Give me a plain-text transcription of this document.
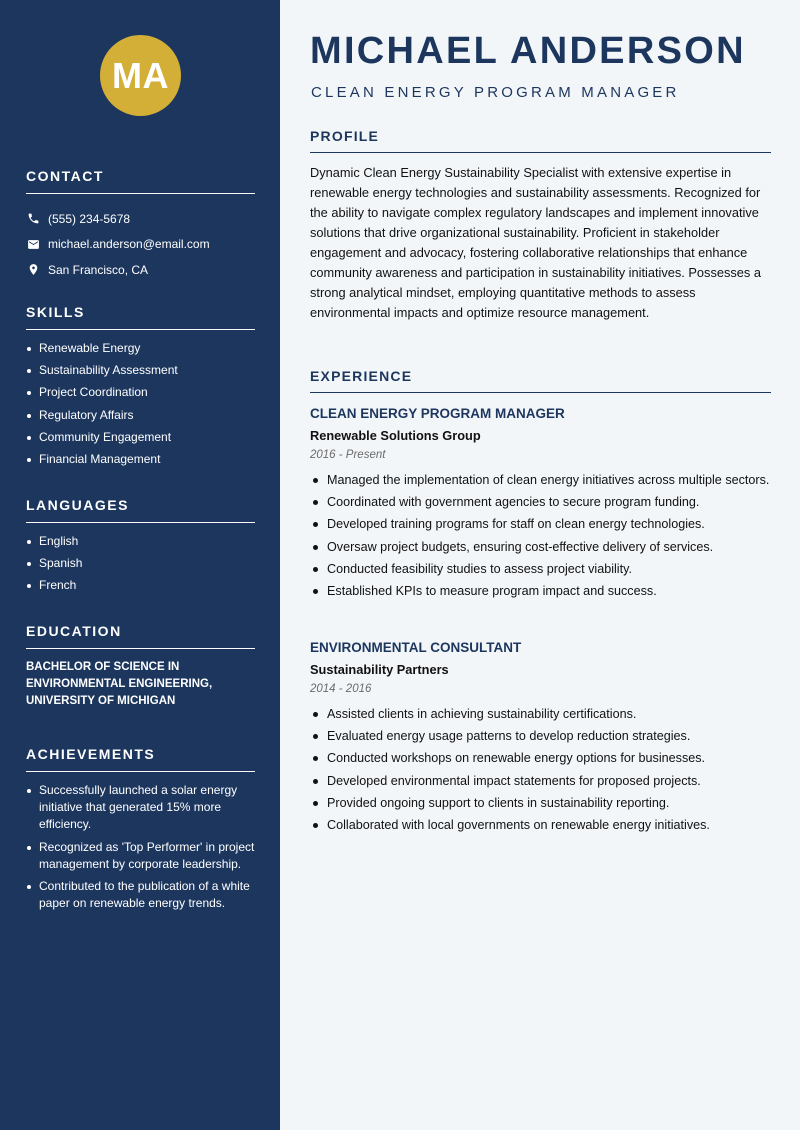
MA
CONTACT
(555) 234-5678
michael.anderson@email.com
San Francisco, CA
SKILLS
Renewable Energy
Sustainability Assessment
Project Coordination
Regulatory Affairs
Community Engagement
Financial Management
LANGUAGES
English
Spanish
French
EDUCATION
BACHELOR OF SCIENCE IN ENVIRONMENTAL ENGINEERING, UNIVERSITY OF MICHIGAN
ACHIEVEMENTS
Successfully launched a solar energy initiative that generated 15% more efficiency.
Recognized as 'Top Performer' in project management by corporate leadership.
Contributed to the publication of a white paper on renewable energy trends.
MICHAEL ANDERSON
CLEAN ENERGY PROGRAM MANAGER
PROFILE

Dynamic Clean Energy Sustainability Specialist with extensive expertise in renewable energy technologies and sustainability assessments. Recognized for the ability to navigate complex regulatory landscapes and implement innovative solutions that drive organizational sustainability. Proficient in stakeholder engagement and advocacy, fostering collaborative relationships that enhance community awareness and participation in sustainability initiatives. Possesses a strong analytical mindset, employing quantitative methods to assess environmental impacts and optimize resource management.

EXPERIENCE
CLEAN ENERGY PROGRAM MANAGER
Renewable Solutions Group
2016 - Present
Managed the implementation of clean energy initiatives across multiple sectors.
Coordinated with government agencies to secure program funding.
Developed training programs for staff on clean energy technologies.
Oversaw project budgets, ensuring cost-effective delivery of services.
Conducted feasibility studies to assess project viability.
Established KPIs to measure program impact and success.
ENVIRONMENTAL CONSULTANT
Sustainability Partners
2014 - 2016
Assisted clients in achieving sustainability certifications.
Evaluated energy usage patterns to develop reduction strategies.
Conducted workshops on renewable energy options for businesses.
Developed environmental impact statements for proposed projects.
Provided ongoing support to clients in sustainability reporting.
Collaborated with local governments on renewable energy initiatives.
